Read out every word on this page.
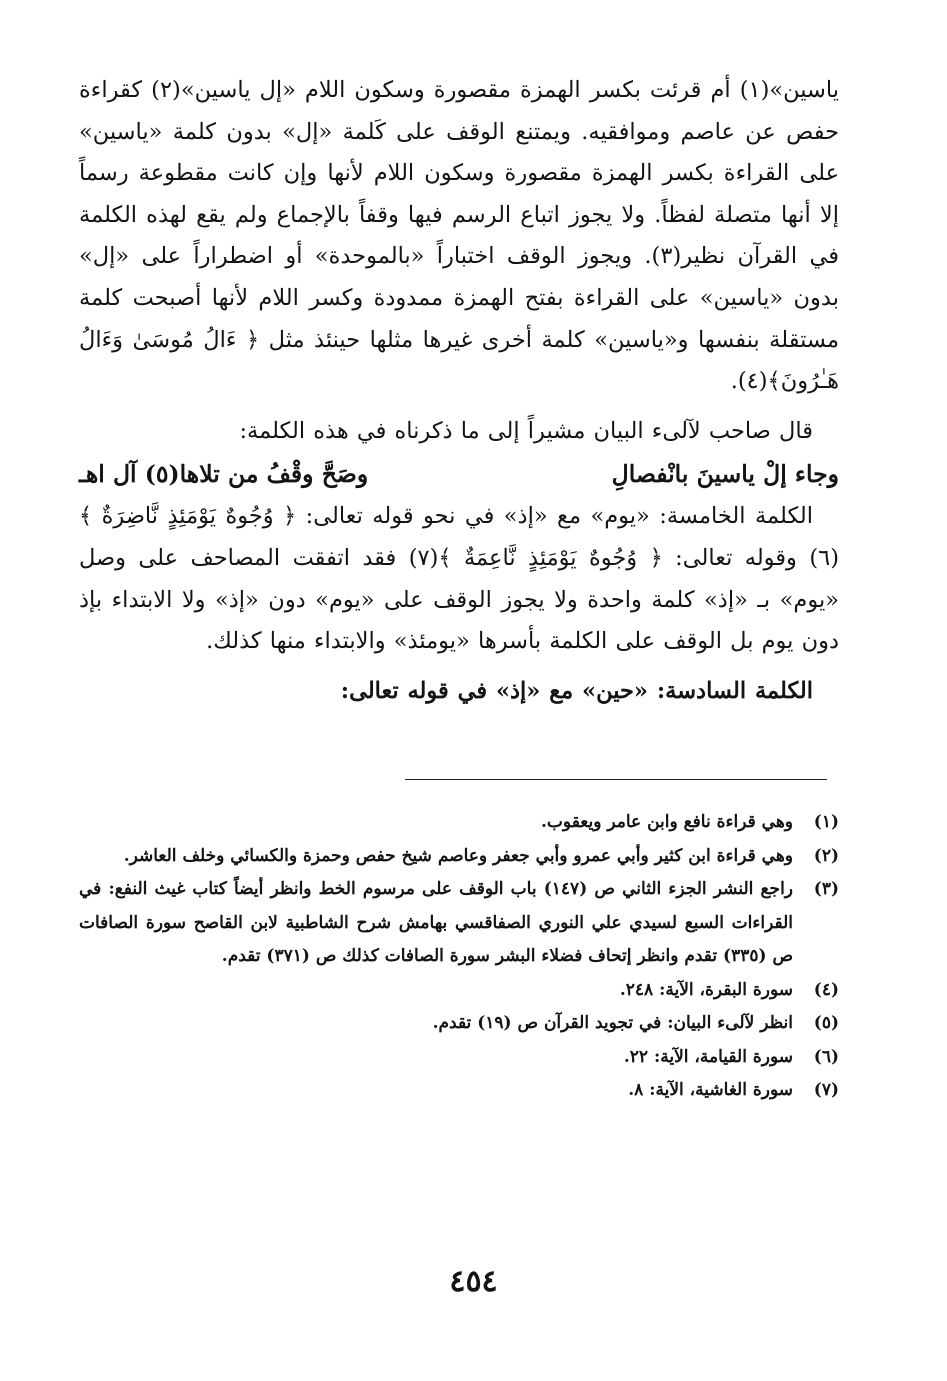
ياسين»(١) أم قرئت بكسر الهمزة مقصورة وسكون اللام «إل ياسين»(٢) كقراءة حفص عن عاصم وموافقيه. ويمتنع الوقف على كَلمة «إل» بدون كلمة «ياسين» على القراءة بكسر الهمزة مقصورة وسكون اللام لأنها وإن كانت مقطوعة رسماً إلا أنها متصلة لفظاً. ولا يجوز اتباع الرسم فيها وقفاً بالإجماع ولم يقع لهذه الكلمة في القرآن نظير(٣). ويجوز الوقف اختباراً «بالموحدة» أو اضطراراً على «إل» بدون «ياسين» على القراءة بفتح الهمزة ممدودة وكسر اللام لأنها أصبحت كلمة مستقلة بنفسها و«ياسين» كلمة أخرى غيرها مثلها حينئذ مثل ﴿ ءَالُ مُوسَىٰ وَءَالُ هَـٰرُونَ﴾(٤).

قال صاحب لآلىء البيان مشيراً إلى ما ذكرناه في هذه الكلمة:

وجاء إلْ ياسينَ بانْفصالِ
وصَحَّ وقْفُ من تلاها(٥) آل اهـ

الكلمة الخامسة: «يوم» مع «إذ» في نحو قوله تعالى: ﴿ وُجُوهٌ يَوْمَئِذٍ نَّاضِرَةٌ ﴾(٦) وقوله تعالى: ﴿ وُجُوهٌ يَوْمَئِذٍ نَّاعِمَةٌ ﴾(٧) فقد اتفقت المصاحف على وصل «يوم» بـ «إذ» كلمة واحدة ولا يجوز الوقف على «يوم» دون «إذ» ولا الابتداء بإذ دون يوم بل الوقف على الكلمة بأسرها «يومئذ» والابتداء منها كذلك.

الكلمة السادسة: «حين» مع «إذ» في قوله تعالى:

(١)
وهي قراءة نافع وابن عامر ويعقوب.
(٢)
وهي قراءة ابن كثير وأبي عمرو وأبي جعفر وعاصم شيخ حفص وحمزة والكسائي وخلف العاشر.
(٣)
راجع النشر الجزء الثاني ص (١٤٧) باب الوقف على مرسوم الخط وانظر أيضاً كتاب غيث النفع: في القراءات السبع لسيدي علي النوري الصفاقسي بهامش شرح الشاطبية لابن القاصح سورة الصافات ص (٣٣٥) تقدم وانظر إتحاف فضلاء البشر سورة الصافات كذلك ص (٣٧١) تقدم.
(٤)
سورة البقرة، الآية: ٢٤٨.
(٥)
انظر لآلىء البيان: في تجويد القرآن ص (١٩) تقدم.
(٦)
سورة القيامة، الآية: ٢٢.
(٧)
سورة الغاشية، الآية: ٨.
٤٥٤
